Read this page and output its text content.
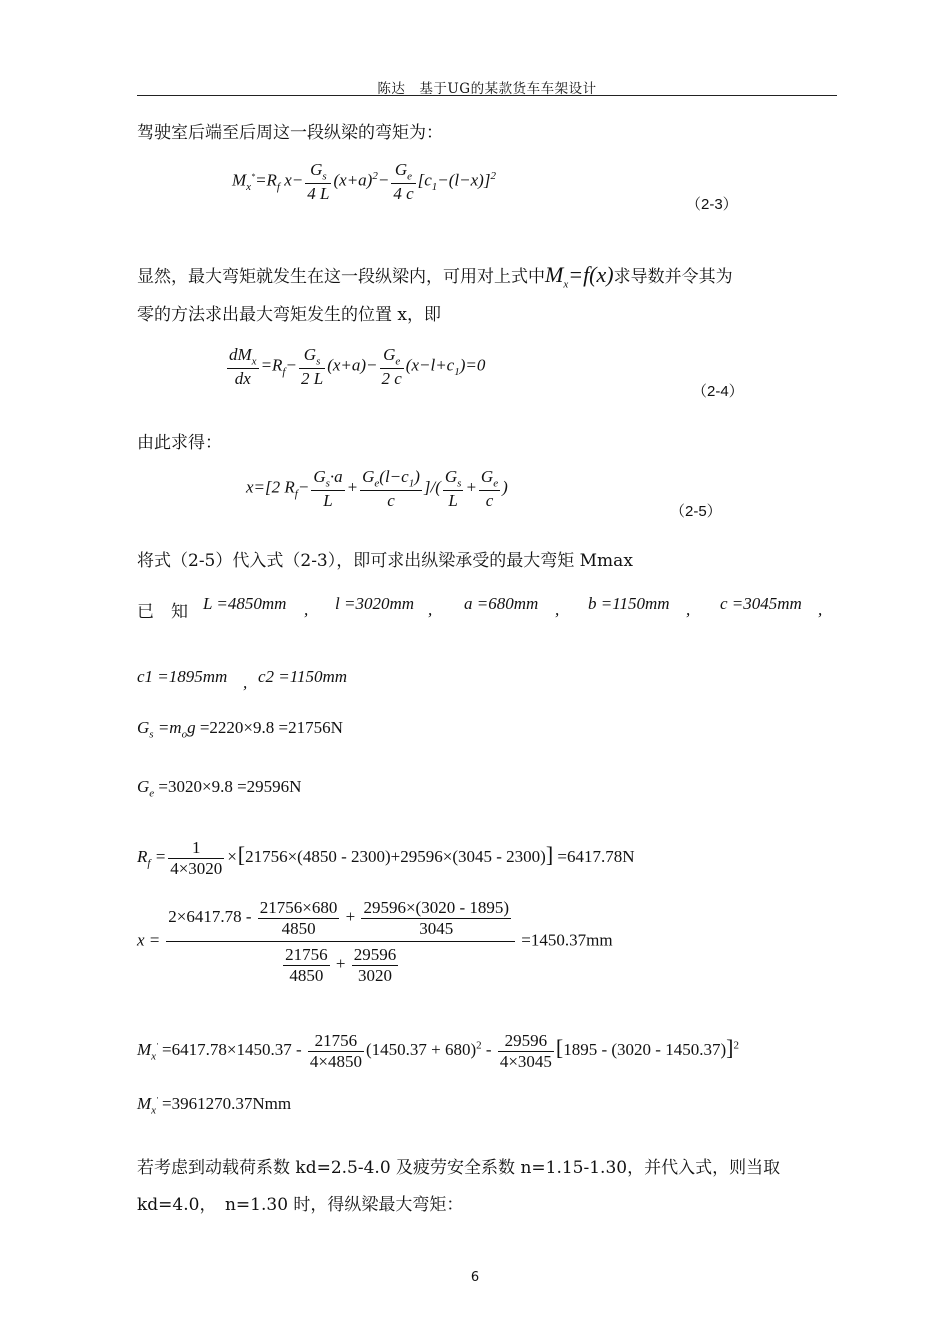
陈达　基于UG的某款货车车架设计
驾驶室后端至后周这一段纵梁的弯矩为：
$M_x^*=R_f$ $x- \frac{G_s}{4 L} (x+a)^2- \frac{G_e}{4 c} [c_1-(l-x)]^2$
（2-3）
显然，最大弯矩就发生在这一段纵梁内，可用对上式中$M_x=f(x)$求导数并令其为
零的方法求出最大弯矩发生的位置 x，即
$\frac{dM_x}{dx} =R_f- \frac{G_s}{2 L} (x+a)- \frac{G_e}{2 c} (x-l+c_1)=0$
（2-4）
由此求得：
x=[2 $R_f- \frac{G_s\cdot a}{L} + \frac{G_e(l-c_1)}{c}$ ]/( $\frac{G_s}{L} + \frac{G_e}{c}$ )
（2-5）
将式（2-5）代入式（2-3），即可求出纵梁承受的最大弯矩 Mmax
已　知 L =4850mm	l =3020mm	a =680mm	b =1150mm	c =3045mm
,	,	,	,	,
c1 =1895mm , c2 =1150mm
$G_s =m_og =2220\times 9.8 =21756N$
$G_e =3020\times 9.8 =29596N$
$R_f = \frac{1}{4\times 3020} \times[21756\times(4850 - 2300)+29596\times(3045 - 2300)] =6417.78N$
$x = \frac{2\times 6417.78 - \frac{21756\times 680}{4850} + \frac{29596\times(3020 - 1895)}{3045}}{\frac{21756}{4850} + \frac{29596}{3020}} =1450.37mm$
$M_x' =6417.78\times 1450.37 - \frac{21756}{4\times 4850} (1450.37 + 680)^2 - \frac{29596}{4\times 3045} [1895 - (3020 - 1450.37)]^2$
$M_x' =3961270.37Nmm$
若考虑到动载荷系数 kd=2.5-4.0 及疲劳安全系数 n=1.15-1.30，并代入式，则当取
kd=4.0，　n=1.30 时，得纵梁最大弯矩：
6
